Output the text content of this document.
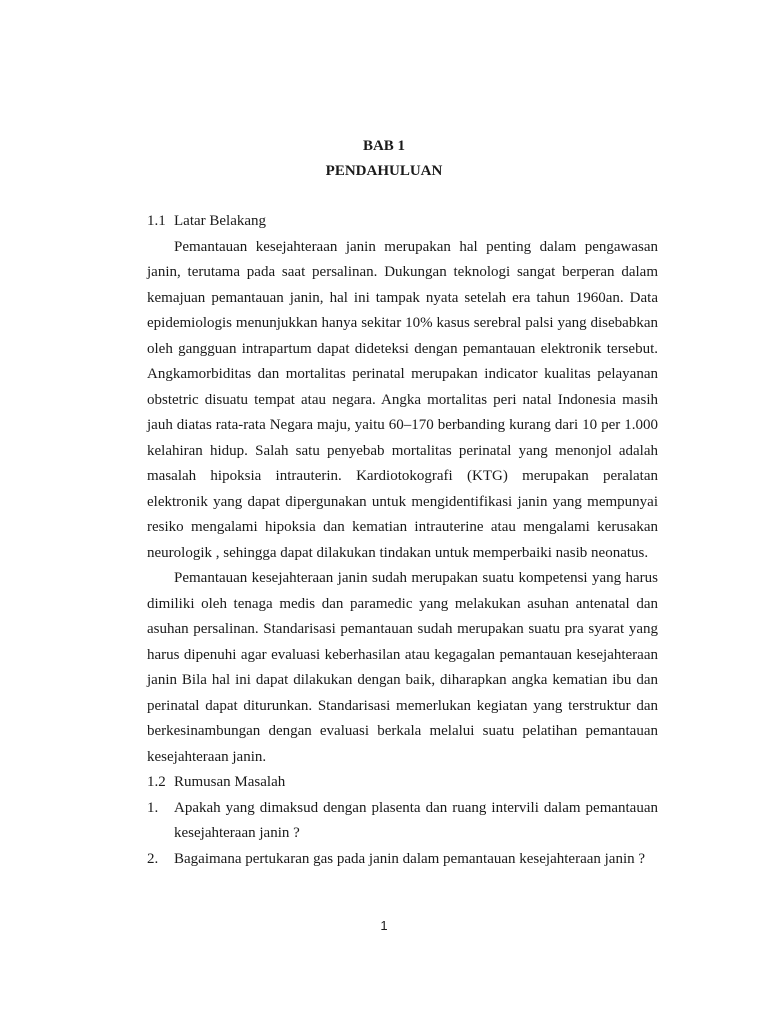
BAB 1
PENDAHULUAN
1.1 Latar Belakang

Pemantauan kesejahteraan janin merupakan hal penting dalam pengawasan janin, terutama pada saat persalinan. Dukungan teknologi sangat berperan dalam kemajuan pemantauan janin, hal ini tampak nyata setelah era tahun 1960an. Data epidemiologis menunjukkan hanya sekitar 10% kasus serebral palsi yang disebabkan oleh gangguan intrapartum dapat dideteksi dengan pemantauan elektronik tersebut. Angkamorbiditas dan mortalitas perinatal merupakan indicator kualitas pelayanan obstetric disuatu tempat atau negara. Angka mortalitas peri natal Indonesia masih jauh diatas rata-rata Negara maju, yaitu 60–170 berbanding kurang dari 10 per 1.000 kelahiran hidup. Salah satu penyebab mortalitas perinatal yang menonjol adalah masalah hipoksia intrauterin. Kardiotokografi (KTG) merupakan peralatan elektronik yang dapat dipergunakan untuk mengidentifikasi janin yang mempunyai resiko mengalami hipoksia dan kematian intrauterine atau mengalami kerusakan neurologik , sehingga dapat dilakukan tindakan untuk memperbaiki nasib neonatus.

Pemantauan kesejahteraan janin sudah merupakan suatu kompetensi yang harus dimiliki oleh tenaga medis dan paramedic yang melakukan asuhan antenatal dan asuhan persalinan. Standarisasi pemantauan sudah merupakan suatu pra syarat yang harus dipenuhi agar evaluasi keberhasilan atau kegagalan pemantauan kesejahteraan janin Bila hal ini dapat dilakukan dengan baik, diharapkan angka kematian ibu dan perinatal dapat diturunkan. Standarisasi memerlukan kegiatan yang terstruktur dan berkesinambungan dengan evaluasi berkala melalui suatu pelatihan pemantauan kesejahteraan janin.

1.2 Rumusan Masalah
1. Apakah yang dimaksud dengan plasenta dan ruang intervili dalam pemantauan kesejahteraan janin ?
2. Bagaimana pertukaran gas pada janin dalam pemantauan kesejahteraan janin ?
1
